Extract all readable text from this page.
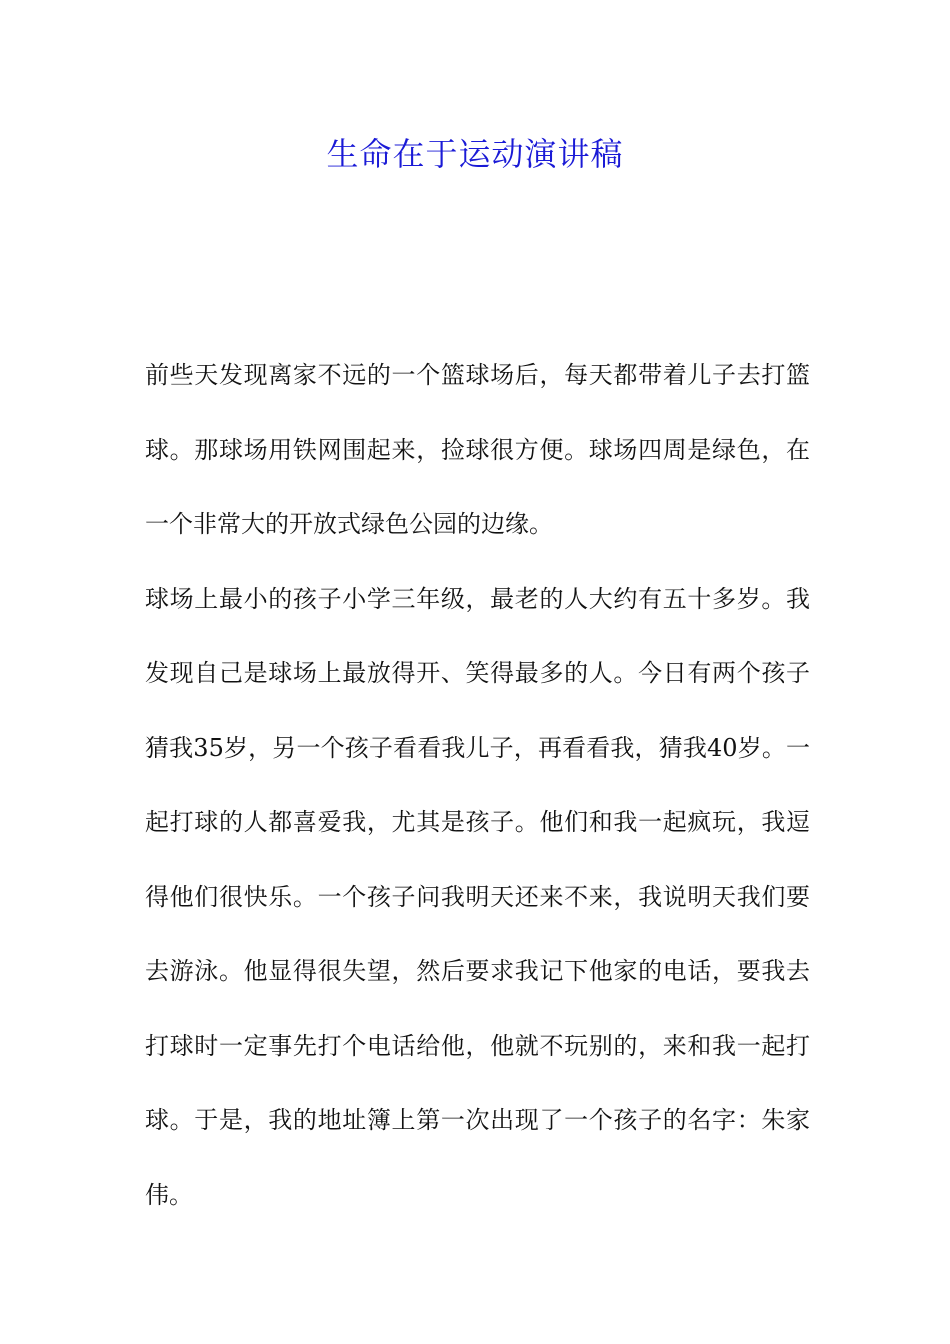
生命在于运动演讲稿

前些天发现离家不远的一个篮球场后，每天都带着儿子去打篮球。那球场用铁网围起来，捡球很方便。球场四周是绿色，在一个非常大的开放式绿色公园的边缘。

球场上最小的孩子小学三年级，最老的人大约有五十多岁。我发现自己是球场上最放得开、笑得最多的人。今日有两个孩子猜我35岁，另一个孩子看看我儿子，再看看我，猜我40岁。一起打球的人都喜爱我，尤其是孩子。他们和我一起疯玩，我逗得他们很快乐。一个孩子问我明天还来不来，我说明天我们要去游泳。他显得很失望，然后要求我记下他家的电话，要我去打球时一定事先打个电话给他，他就不玩别的，来和我一起打球。于是，我的地址簿上第一次出现了一个孩子的名字：朱家伟。
